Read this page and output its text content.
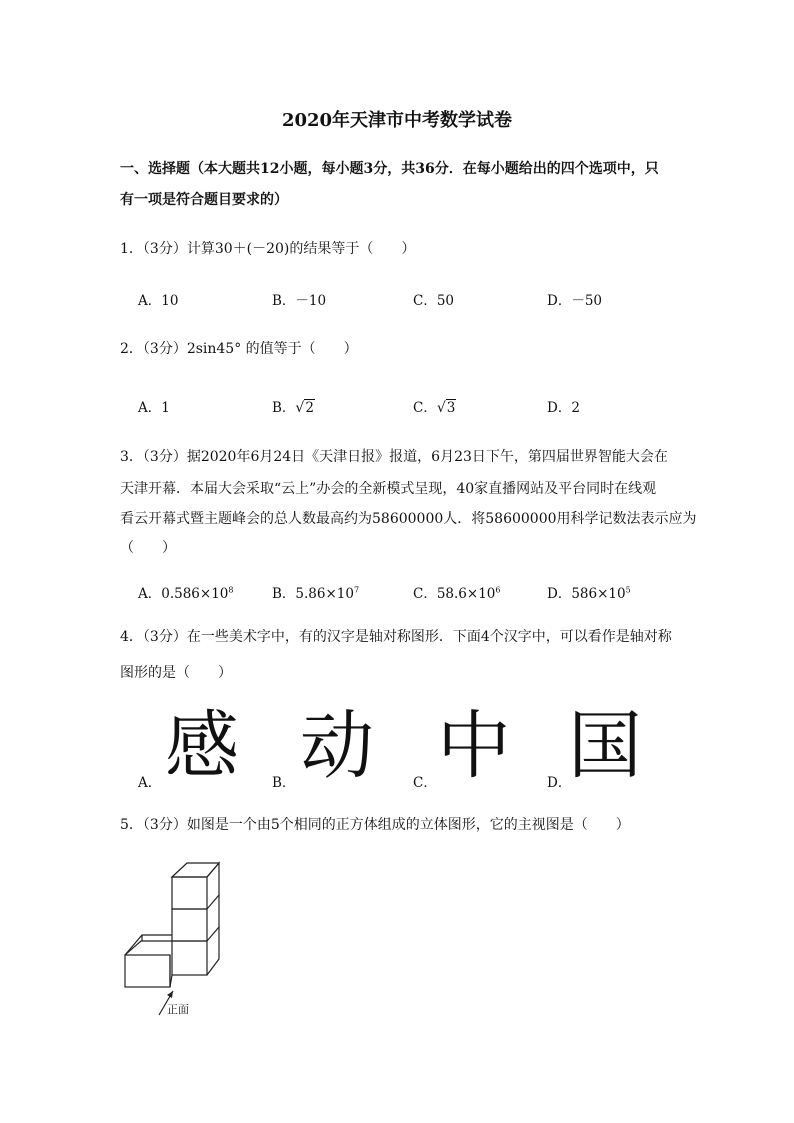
2020年天津市中考数学试卷
一、选择题（本大题共12小题，每小题3分，共36分．在每小题给出的四个选项中，只
有一项是符合题目要求的）
1．（3分）计算30＋(－20)的结果等于（　　）
A．10	B．－10	C．50	D．－50
2．（3分）2sin45° 的值等于（　　）
A．1	B．√2	C．√3	D．2
3．（3分）据2020年6月24日《天津日报》报道，6月23日下午，第四届世界智能大会在
天津开幕．本届大会采取“云上”办会的全新模式呈现，40家直播网站及平台同时在线观
看云开幕式暨主题峰会的总人数最高约为58600000人．将58600000用科学记数法表示应为
（　　）
A．$0.586\times 10^8$	B．$5.86\times 10^7$	C．$58.6\times 10^6$	D．$586\times 10^5$
4．（3分）在一些美术字中，有的汉字是轴对称图形．下面4个汉字中，可以看作是轴对称
图形的是（　　）
A． 感 B． 动	C． 中	D．
国
5．（3分）如图是一个由5个相同的正方体组成的立体图形，它的主视图是（　　）
正面
